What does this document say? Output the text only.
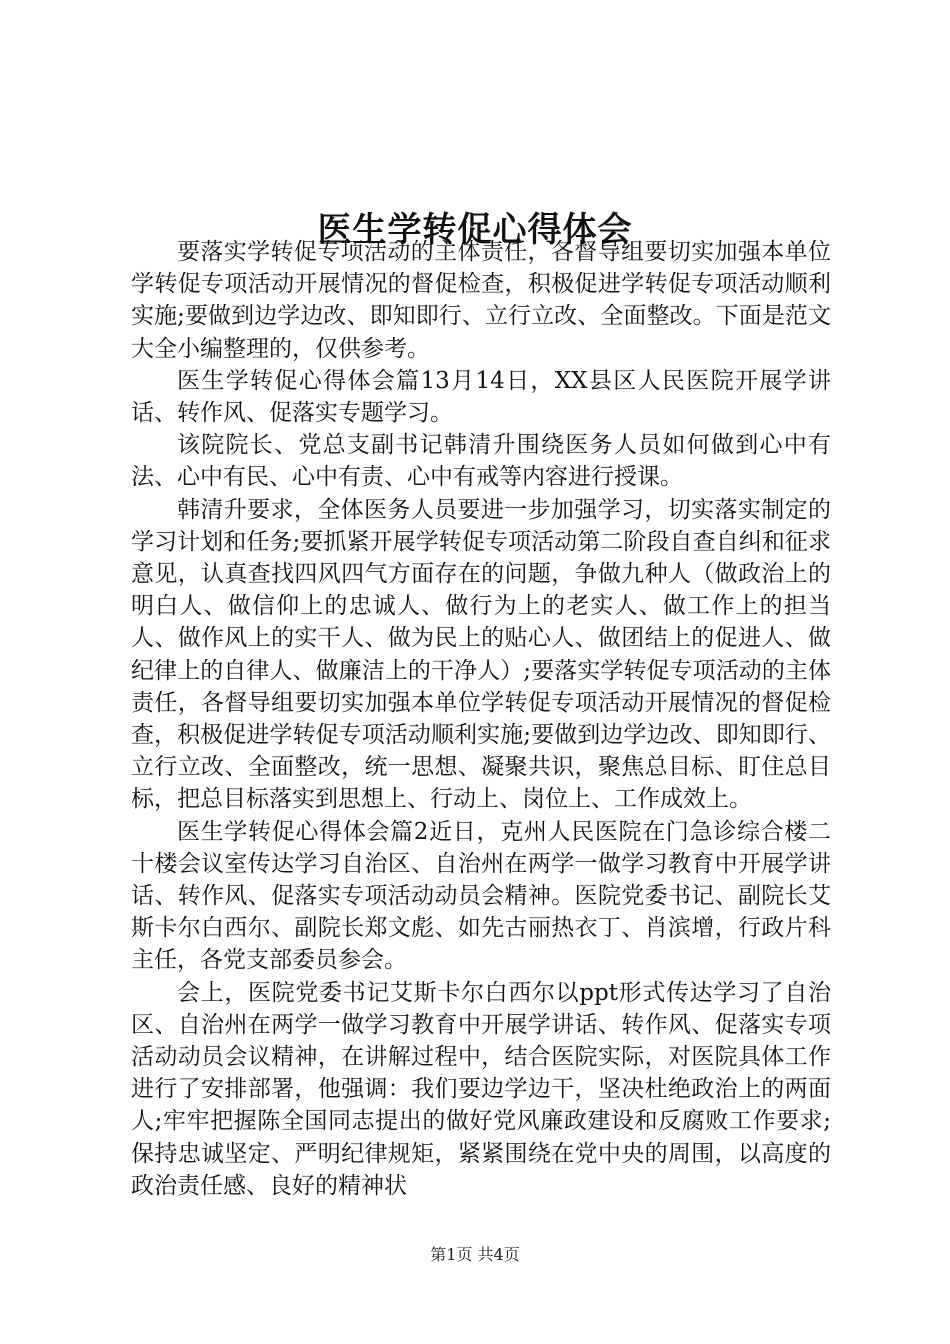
医生学转促心得体会

要落实学转促专项活动的主体责任，各督导组要切实加强本单位学转促专项活动开展情况的督促检查，积极促进学转促专项活动顺利实施;要做到边学边改、即知即行、立行立改、全面整改。下面是范文大全小编整理的，仅供参考。

医生学转促心得体会篇13月14日，XX县区人民医院开展学讲话、转作风、促落实专题学习。

该院院长、党总支副书记韩清升围绕医务人员如何做到心中有法、心中有民、心中有责、心中有戒等内容进行授课。

韩清升要求，全体医务人员要进一步加强学习，切实落实制定的学习计划和任务;要抓紧开展学转促专项活动第二阶段自查自纠和征求意见，认真查找四风四气方面存在的问题，争做九种人（做政治上的明白人、做信仰上的忠诚人、做行为上的老实人、做工作上的担当人、做作风上的实干人、做为民上的贴心人、做团结上的促进人、做纪律上的自律人、做廉洁上的干净人）;要落实学转促专项活动的主体责任，各督导组要切实加强本单位学转促专项活动开展情况的督促检查，积极促进学转促专项活动顺利实施;要做到边学边改、即知即行、立行立改、全面整改，统一思想、凝聚共识，聚焦总目标、盯住总目标，把总目标落实到思想上、行动上、岗位上、工作成效上。

医生学转促心得体会篇2近日，克州人民医院在门急诊综合楼二十楼会议室传达学习自治区、自治州在两学一做学习教育中开展学讲话、转作风、促落实专项活动动员会精神。医院党委书记、副院长艾斯卡尔白西尔、副院长郑文彪、如先古丽热衣丁、肖滨增，行政片科主任，各党支部委员参会。

会上，医院党委书记艾斯卡尔白西尔以ppt形式传达学习了自治区、自治州在两学一做学习教育中开展学讲话、转作风、促落实专项活动动员会议精神，在讲解过程中，结合医院实际，对医院具体工作进行了安排部署，他强调：我们要边学边干，坚决杜绝政治上的两面人;牢牢把握陈全国同志提出的做好党风廉政建设和反腐败工作要求;保持忠诚坚定、严明纪律规矩，紧紧围绕在党中央的周围，以高度的政治责任感、良好的精神状

第1页 共4页
